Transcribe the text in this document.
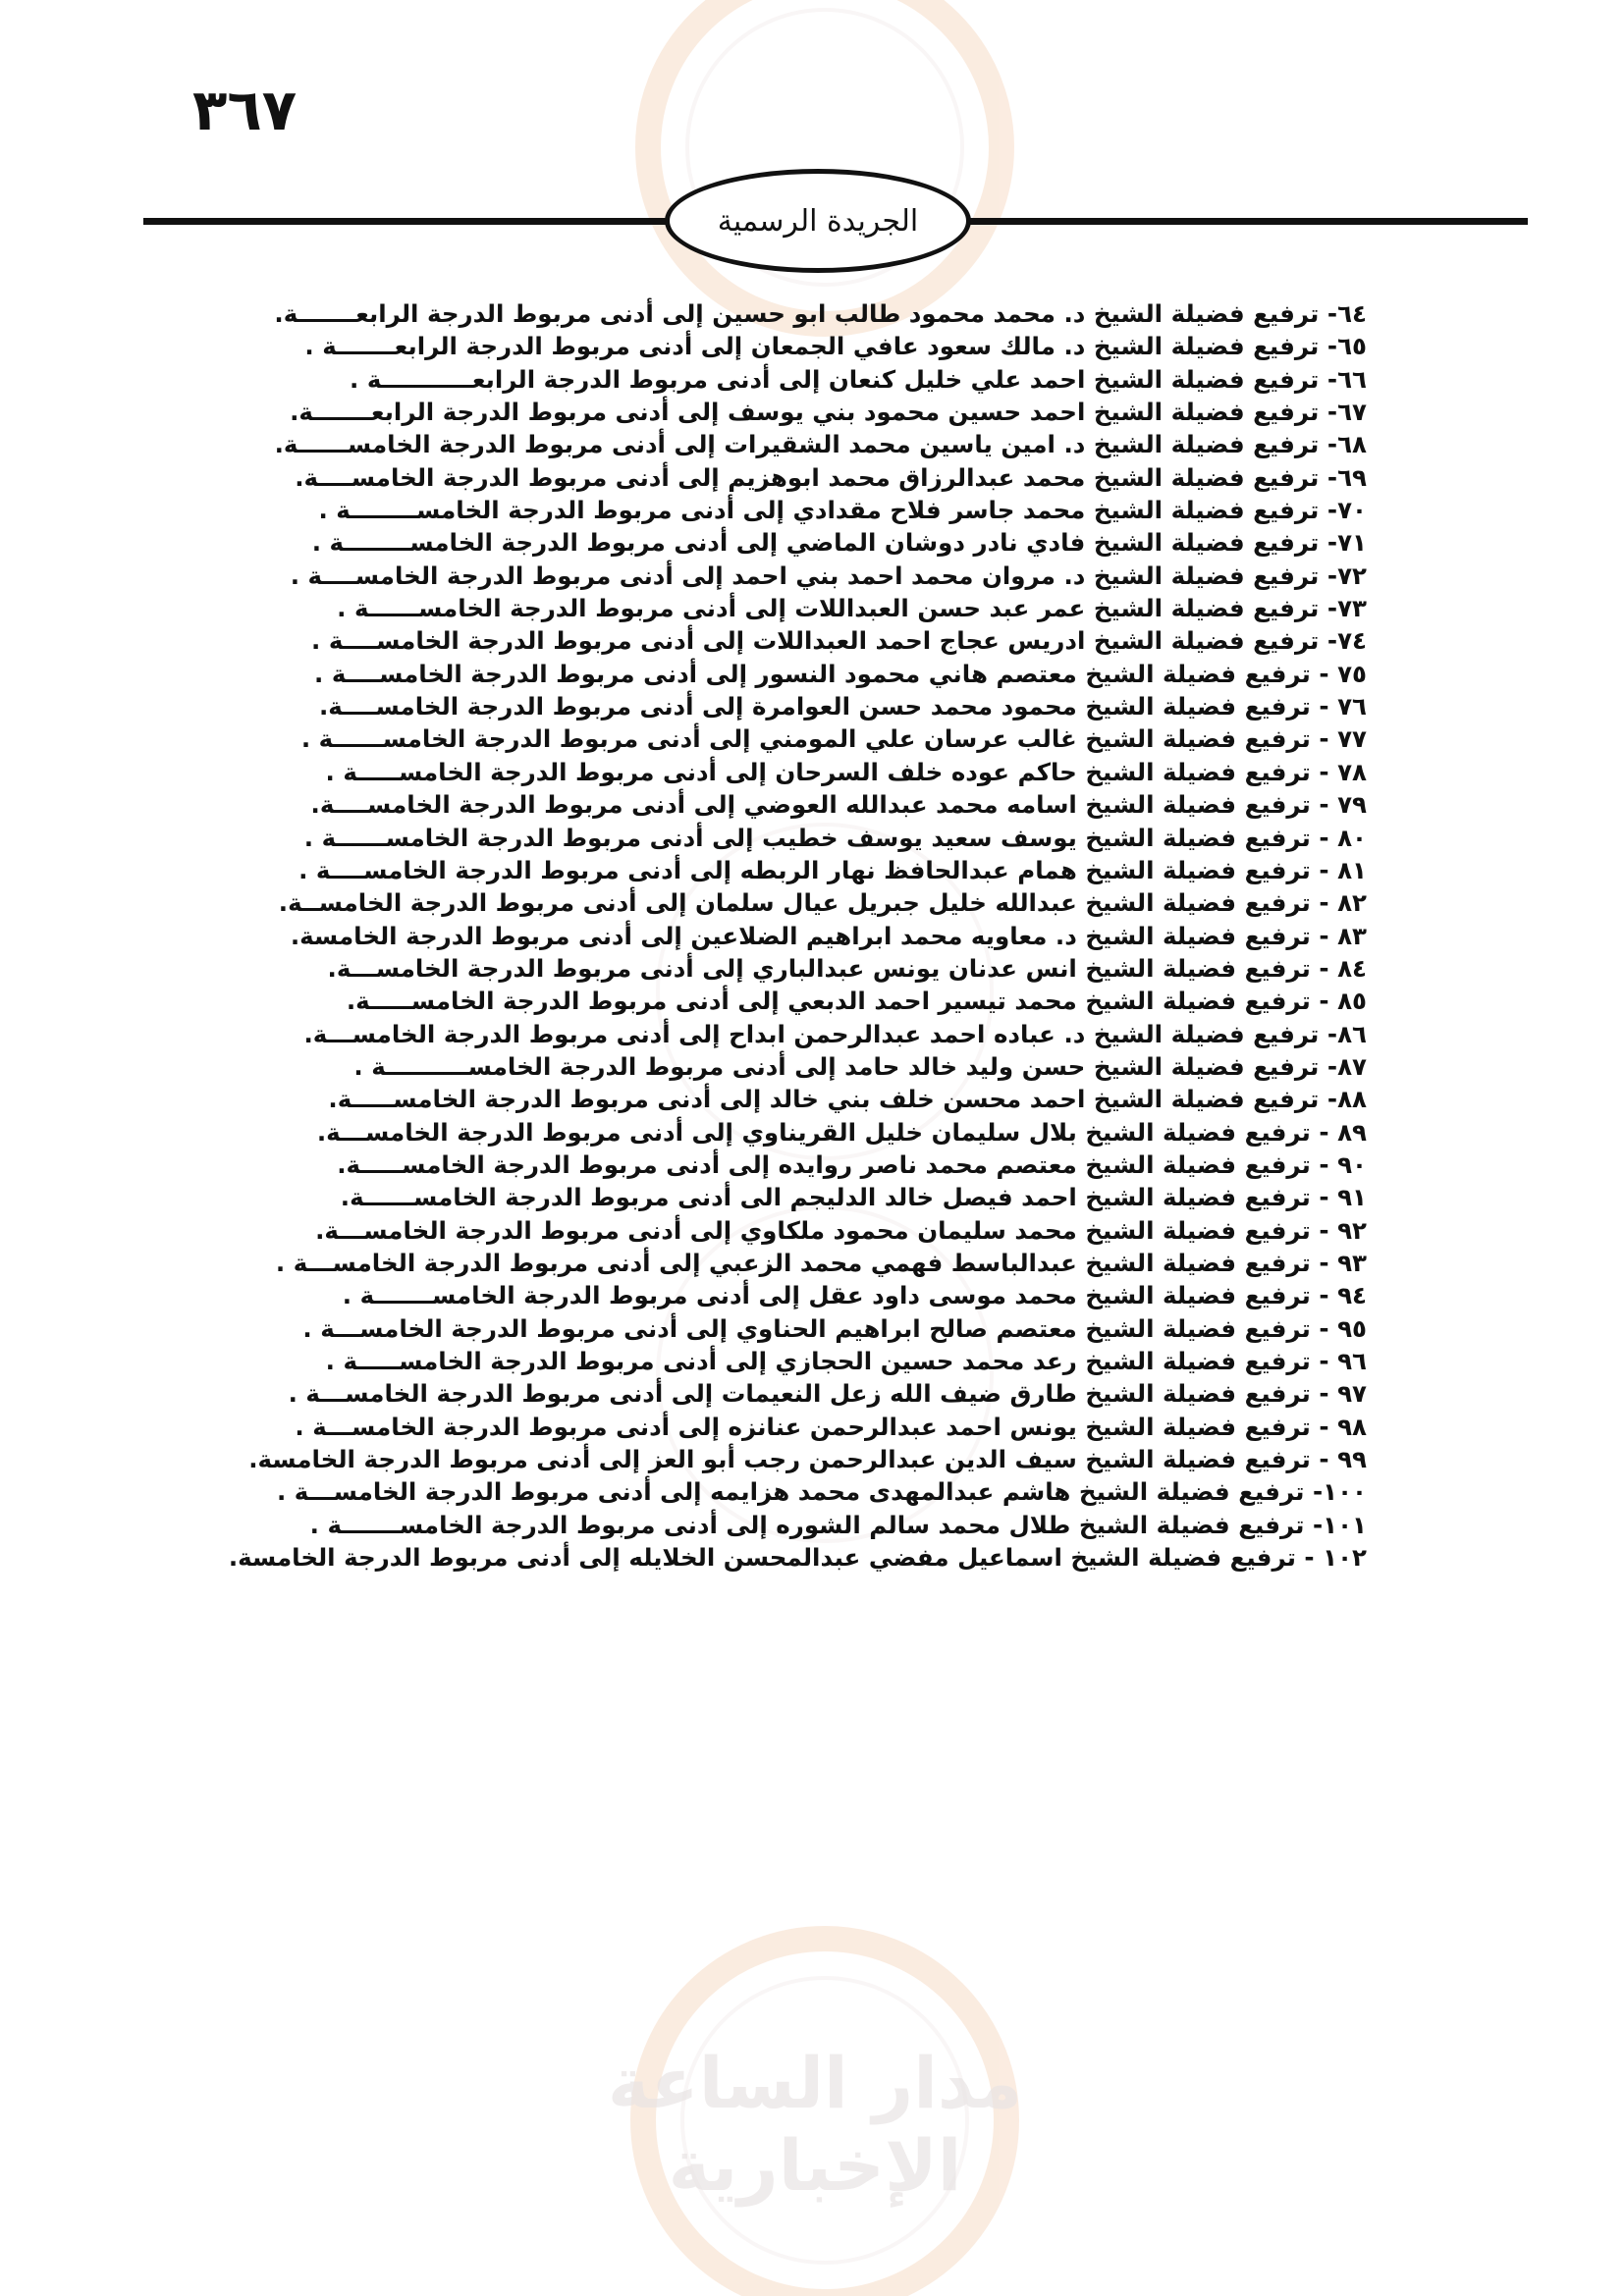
مدار الساعة الإخبارية
٣٦٧
الجريدة الرسمية
٦٤- ترفيع فضيلة الشيخ د. محمد محمود طالب ابو حسين إلى أدنى مربوط الدرجة الرابعـــــــة.
٦٥- ترفيع فضيلة الشيخ د. مالك سعود عافي الجمعان إلى أدنى مربوط الدرجة الرابعـــــــة .
٦٦- ترفيع فضيلة الشيخ احمد علي خليل كنعان إلى أدنى مربوط الدرجة الرابعـــــــــــة .
٦٧- ترفيع فضيلة الشيخ احمد حسين محمود بني يوسف إلى أدنى مربوط الدرجة الرابعـــــــة.
٦٨- ترفيع فضيلة الشيخ د. امين ياسين محمد الشقيرات إلى أدنى مربوط الدرجة الخامســــــة.
٦٩- ترفيع فضيلة الشيخ محمد عبدالرزاق محمد ابوهزيم إلى أدنى مربوط الدرجة الخامســــة.
٧٠- ترفيع فضيلة الشيخ محمد جاسر فلاح مقدادي إلى أدنى مربوط الدرجة الخامســــــــة .
٧١- ترفيع فضيلة الشيخ فادي نادر دوشان الماضي إلى أدنى مربوط الدرجة الخامســــــــة .
٧٢- ترفيع فضيلة الشيخ د. مروان محمد احمد بني احمد إلى أدنى مربوط الدرجة الخامســــة .
٧٣- ترفيع فضيلة الشيخ عمر عبد حسن العبداللات إلى أدنى مربوط الدرجة الخامســــــة .
٧٤- ترفيع فضيلة الشيخ ادريس عجاج احمد العبداللات إلى أدنى مربوط الدرجة الخامســــة .
٧٥ - ترفيع فضيلة الشيخ معتصم هاني محمود النسور إلى أدنى مربوط الدرجة الخامســــة .
٧٦ - ترفيع فضيلة الشيخ محمود محمد حسن العوامرة إلى أدنى مربوط الدرجة الخامســــة.
٧٧ - ترفيع فضيلة الشيخ غالب عرسان علي المومني إلى أدنى مربوط الدرجة الخامســــــة .
٧٨ - ترفيع فضيلة الشيخ حاكم عوده خلف السرحان إلى أدنى مربوط الدرجة الخامســـــة .
٧٩ - ترفيع فضيلة الشيخ اسامه محمد عبدالله العوضي إلى أدنى مربوط الدرجة الخامســــة.
٨٠ - ترفيع فضيلة الشيخ يوسف سعيد يوسف خطيب إلى أدنى مربوط الدرجة الخامســــــة .
٨١ - ترفيع فضيلة الشيخ همام عبدالحافظ نهار الربطه إلى أدنى مربوط الدرجة الخامســــة .
٨٢ - ترفيع فضيلة الشيخ عبدالله خليل جبريل عيال سلمان إلى أدنى مربوط الدرجة الخامســة.
٨٣ - ترفيع فضيلة الشيخ د. معاويه محمد ابراهيم الضلاعين إلى أدنى مربوط الدرجة الخامسة.
٨٤ - ترفيع فضيلة الشيخ انس عدنان يونس عبدالباري إلى أدنى مربوط الدرجة الخامســـة.
٨٥ - ترفيع فضيلة الشيخ محمد تيسير احمد الدبعي إلى أدنى مربوط الدرجة الخامســـــة.
٨٦- ترفيع فضيلة الشيخ د. عباده احمد عبدالرحمن ابداح إلى أدنى مربوط الدرجة الخامســـة.
٨٧- ترفيع فضيلة الشيخ حسن وليد خالد حامد إلى أدنى مربوط الدرجة الخامســــــــــة .
٨٨- ترفيع فضيلة الشيخ احمد محسن خلف بني خالد إلى أدنى مربوط الدرجة الخامســـــة.
٨٩ - ترفيع فضيلة الشيخ بلال سليمان خليل القريناوي إلى أدنى مربوط الدرجة الخامســـة.
٩٠ - ترفيع فضيلة الشيخ معتصم محمد ناصر روايده إلى أدنى مربوط الدرجة الخامســـــة.
٩١ - ترفيع فضيلة الشيخ احمد فيصل خالد الدليجم الى أدنى مربوط الدرجة الخامســــــة.
٩٢ - ترفيع فضيلة الشيخ محمد سليمان محمود ملكاوي إلى أدنى مربوط الدرجة الخامســـة.
٩٣ - ترفيع فضيلة الشيخ عبدالباسط فهمي محمد الزعبي إلى أدنى مربوط الدرجة الخامســـة .
٩٤ - ترفيع فضيلة الشيخ محمد موسى داود عقل إلى أدنى مربوط الدرجة الخامســـــــة .
٩٥ - ترفيع فضيلة الشيخ معتصم صالح ابراهيم الحناوي إلى أدنى مربوط الدرجة الخامســـة .
٩٦ - ترفيع فضيلة الشيخ رعد محمد حسين الحجازي إلى أدنى مربوط الدرجة الخامســـــة .
٩٧ - ترفيع فضيلة الشيخ طارق ضيف الله زعل النعيمات إلى أدنى مربوط الدرجة الخامســـة .
٩٨ - ترفيع فضيلة الشيخ يونس احمد عبدالرحمن عنانزه إلى أدنى مربوط الدرجة الخامســـة .
٩٩ - ترفيع فضيلة الشيخ سيف الدين عبدالرحمن رجب أبو العز إلى أدنى مربوط الدرجة الخامسة.
١٠٠- ترفيع فضيلة الشيخ هاشم عبدالمهدى محمد هزايمه إلى أدنى مربوط الدرجة الخامســـة .
١٠١- ترفيع فضيلة الشيخ طلال محمد سالم الشوره إلى أدنى مربوط الدرجة الخامســـــــة .
١٠٢ - ترفيع فضيلة الشيخ اسماعيل مفضي عبدالمحسن الخلايله إلى أدنى مربوط الدرجة الخامسة.
